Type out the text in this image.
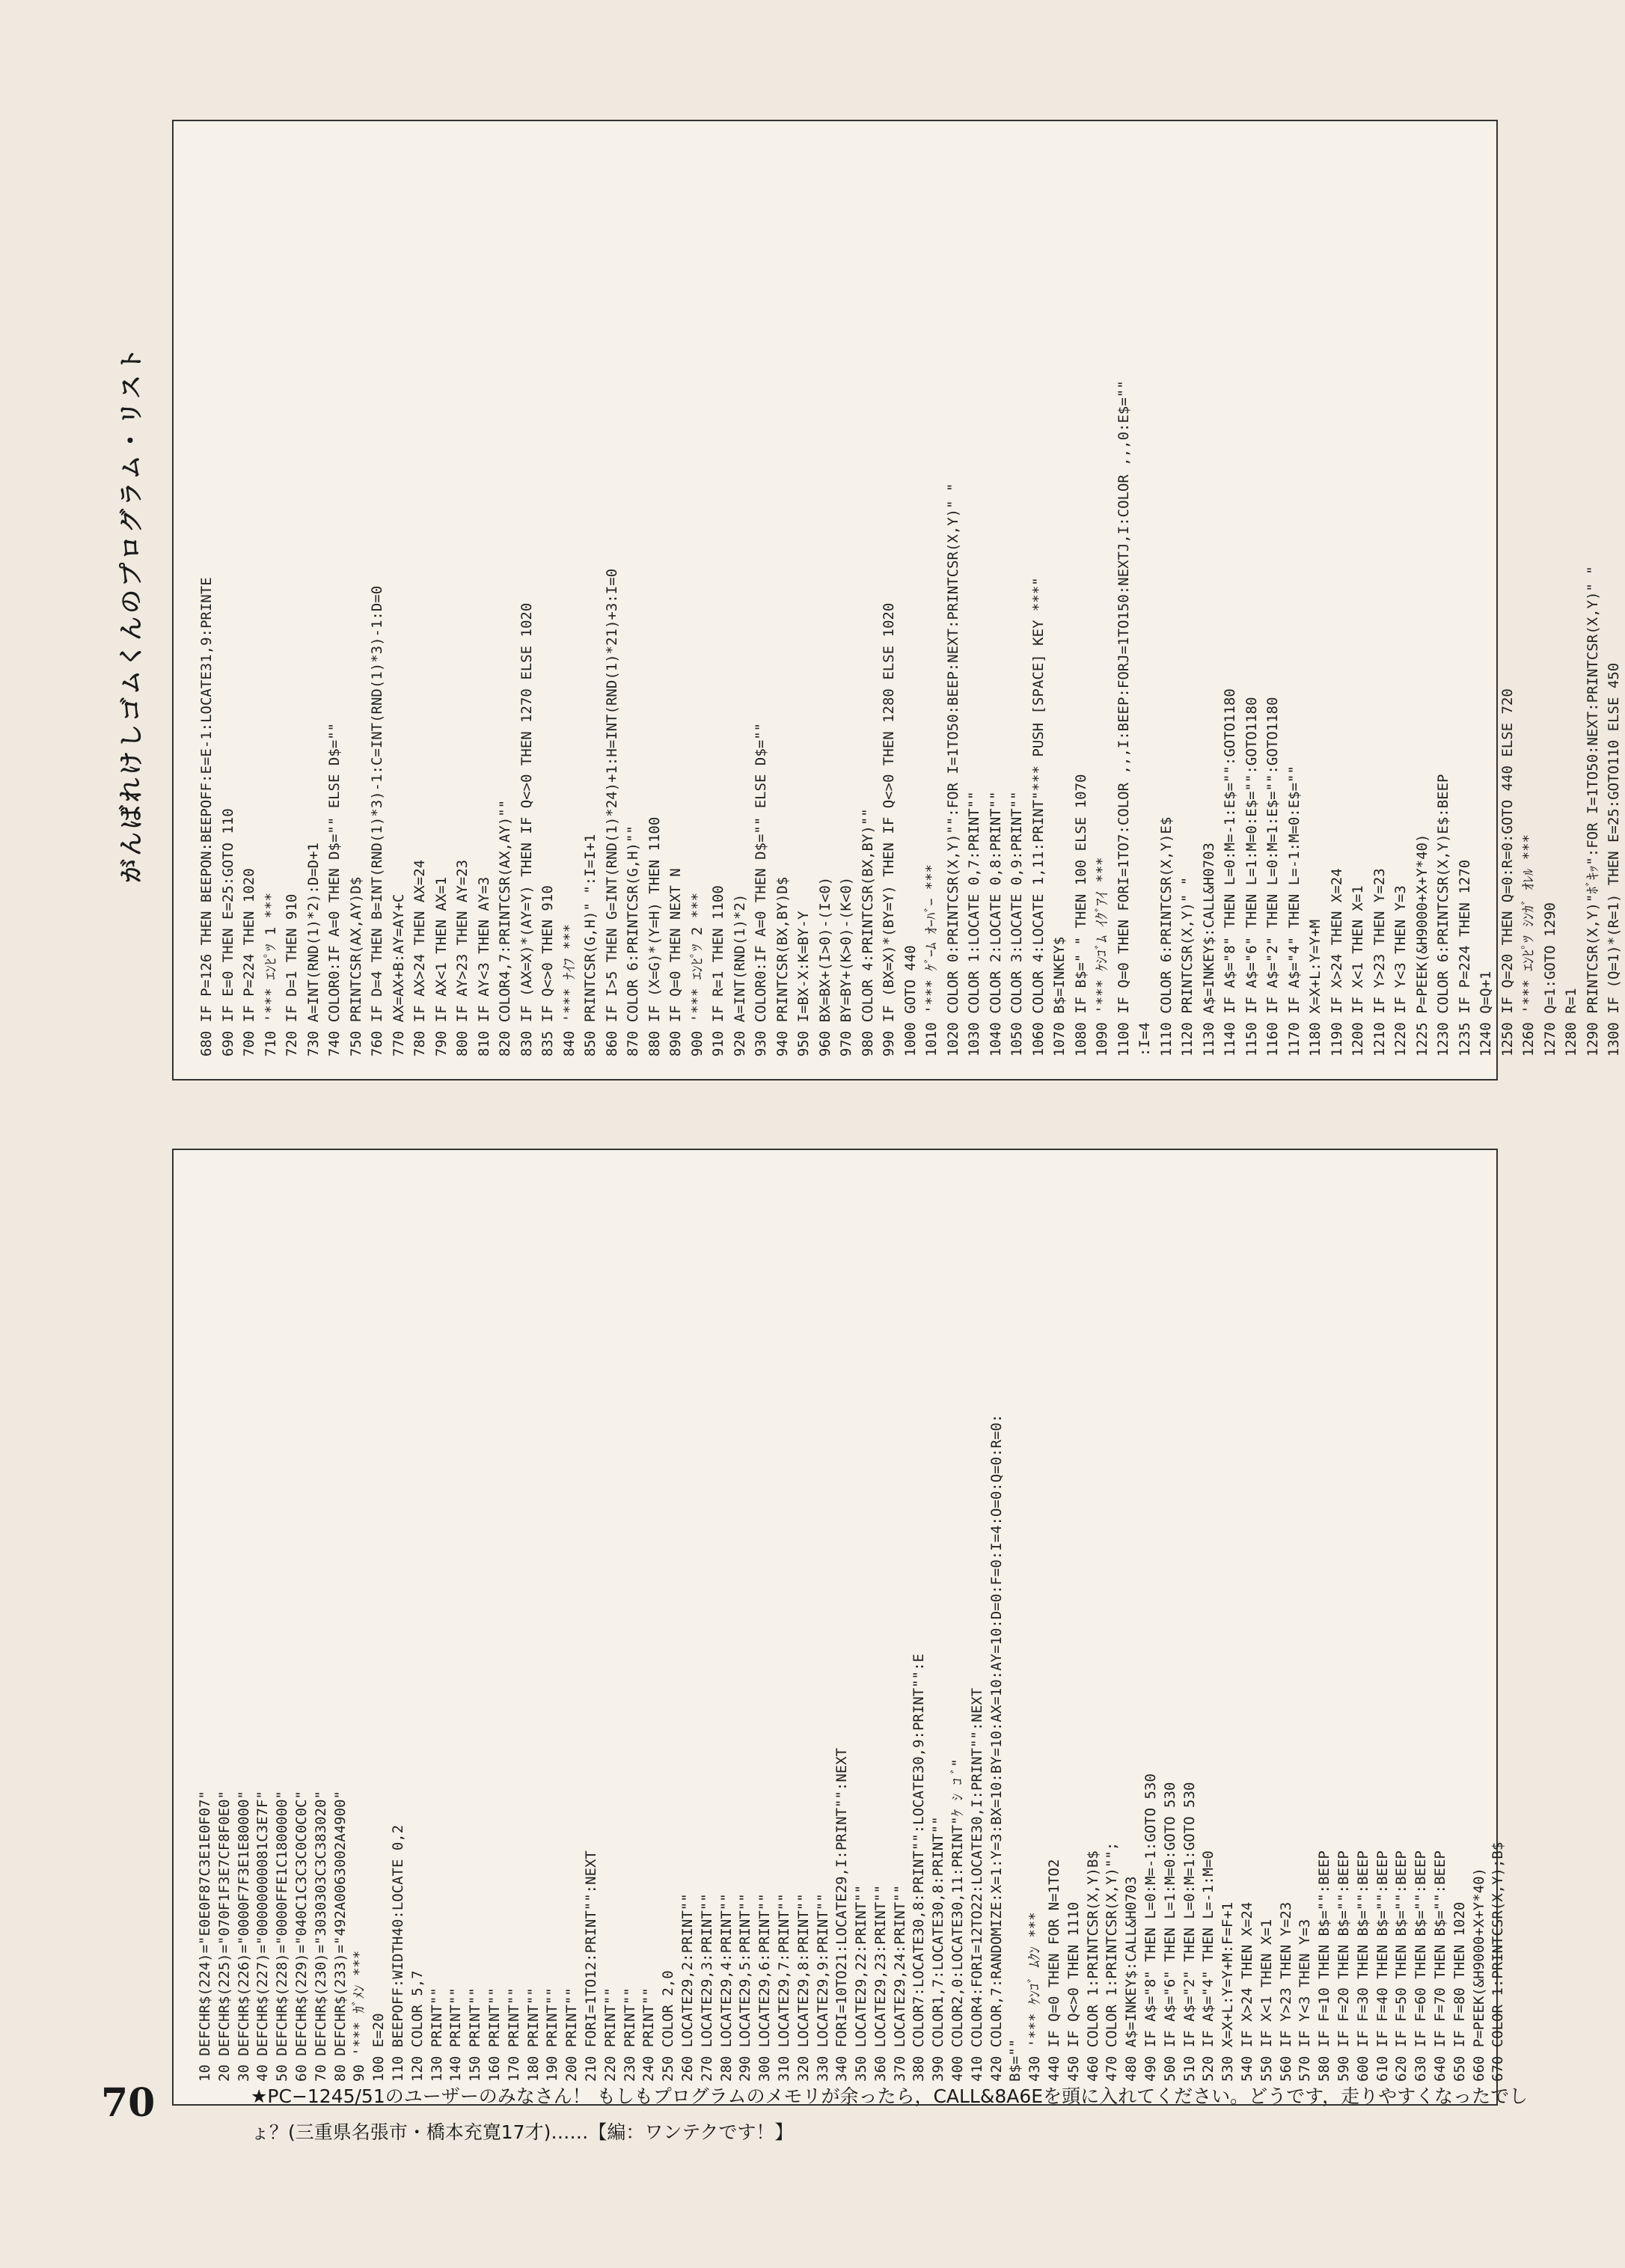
がんばれけしゴムくんのプログラム・リスト	680 IF P=126 THEN BEEPON:BEEPOFF:E=E-1:LOCATE31,9:PRINTE 690 IF E=0 THEN E=25:GOTO 110 700 IF P=224 THEN 1020 710 '*** ｴﾝﾋﾟﾂ 1 *** 720 IF D=1 THEN 910 730 A=INT(RND(1)*2):D=D+1 740 COLOR0:IF A=0 THEN D$="" ELSE D$="" 750 PRINTCSR(AX,AY)D$ 760 IF D=4 THEN B=INT(RND(1)*3)-1:C=INT(RND(1)*3)-1:D=0 770 AX=AX+B:AY=AY+C 780 IF AX>24 THEN AX=24 790 IF AX<1 THEN AX=1 800 IF AY>23 THEN AY=23 810 IF AY<3 THEN AY=3 820 COLOR4,7:PRINTCSR(AX,AY)"" 830 IF (AX=X)*(AY=Y) THEN IF Q<>0 THEN 1270 ELSE 1020 835 IF Q<>0 THEN 910 840 '*** ﾅｲﾌ *** 850 PRINTCSR(G,H)" ":I=I+1 860 IF I>5 THEN G=INT(RND(1)*24)+1:H=INT(RND(1)*21)+3:I=0 870 COLOR 6:PRINTCSR(G,H)"" 880 IF (X=G)*(Y=H) THEN 1100 890 IF Q=0 THEN NEXT N 900 '*** ｴﾝﾋﾟﾂ 2 *** 910 IF R=1 THEN 1100 920 A=INT(RND(1)*2) 930 COLOR0:IF A=0 THEN D$="" ELSE D$="" 940 PRINTCSR(BX,BY)D$ 950 I=BX-X:K=BY-Y 960 BX=BX+(I>0)-(I<0) 970 BY=BY+(K>0)-(K<0) 980 COLOR 4:PRINTCSR(BX,BY)"" 990 IF (BX=X)*(BY=Y) THEN IF Q<>0 THEN 1280 ELSE 1020 1000 GOTO 440 1010 '*** ｹﾞｰﾑ ｵｰﾊﾞｰ *** 1020 COLOR 0:PRINTCSR(X,Y)"":FOR I=1TO50:BEEP:NEXT:PRINTCSR(X,Y)" " 1030 COLOR 1:LOCATE 0,7:PRINT"" 1040 COLOR 2:LOCATE 0,8:PRINT"" 1050 COLOR 3:LOCATE 0,9:PRINT"" 1060 COLOR 4:LOCATE 1,11:PRINT"*** PUSH [SPACE] KEY ***" 1070 B$=INKEY$ 1080 IF B$=" " THEN 100 ELSE 1070 1090 '*** ｹｼｺﾞﾑ ｲｸﾞｱｲ *** 1100 IF Q=0 THEN FORI=1TO7:COLOR ,,,I:BEEP:FORJ=1TO150:NEXTJ,I:COLOR ,,,0:E$="" :I=4 1110 COLOR 6:PRINTCSR(X,Y)E$ 1120 PRINTCSR(X,Y)" " 1130 A$=INKEY$:CALL&H0703 1140 IF A$="8" THEN L=0:M=-1:E$="":GOTO1180 1150 IF A$="6" THEN L=1:M=0:E$="":GOTO1180 1160 IF A$="2" THEN L=0:M=1:E$="":GOTO1180 1170 IF A$="4" THEN L=-1:M=0:E$="" 1180 X=X+L:Y=Y+M 1190 IF X>24 THEN X=24 1200 IF X<1 THEN X=1 1210 IF Y>23 THEN Y=23 1220 IF Y<3 THEN Y=3 1225 P=PEEK(&H9000+X+Y*40) 1230 COLOR 6:PRINTCSR(X,Y)E$:BEEP 1235 IF P=224 THEN 1270 1240 Q=Q+1 1250 IF Q=20 THEN Q=0:R=0:GOTO 440 ELSE 720 1260 '*** ｴﾝﾋﾟﾂ ｼﾝｶﾞ ｵﾚﾙ *** 1270 Q=1:GOTO 1290 1280 R=1 1290 PRINTCSR(X,Y)"ﾎﾞｷｯ":FOR I=1TO50:NEXT:PRINTCSR(X,Y)" " 1300 IF (Q=1)*(R=1) THEN E=25:GOTO110 ELSE 450
10 DEFCHR$(224)="E0E0F87C3E1E0F07" 20 DEFCHR$(225)="070F1F3E7CF8F0E0" 30 DEFCHR$(226)="0000F7F3E1E80000" 40 DEFCHR$(227)="00000000081C3E7F" 50 DEFCHR$(228)="0000FFE1C1800000" 60 DEFCHR$(229)="040C1C3C3C0C0C0C" 70 DEFCHR$(230)="3030303C3C383020" 80 DEFCHR$(233)="492A0063002A4900" 90 '*** ｶﾞﾒﾝ *** 100 E=20 110 BEEPOFF:WIDTH40:LOCATE 0,2 120 COLOR 5,7 130 PRINT"" 140 PRINT"" 150 PRINT"" 160 PRINT"" 170 PRINT"" 180 PRINT"" 190 PRINT"" 200 PRINT"" 210 FORI=1TO12:PRINT"":NEXT 220 PRINT"" 230 PRINT"" 240 PRINT"" 250 COLOR 2,0 260 LOCATE29,2:PRINT"" 270 LOCATE29,3:PRINT"" 280 LOCATE29,4:PRINT"" 290 LOCATE29,5:PRINT"" 300 LOCATE29,6:PRINT"" 310 LOCATE29,7:PRINT"" 320 LOCATE29,8:PRINT"" 330 LOCATE29,9:PRINT"" 340 FORI=10TO21:LOCATE29,I:PRINT"":NEXT 350 LOCATE29,22:PRINT"" 360 LOCATE29,23:PRINT"" 370 LOCATE29,24:PRINT"" 380 COLOR7:LOCATE30,8:PRINT"":LOCATE30,9:PRINT"":E 390 COLOR1,7:LOCATE30,8:PRINT"" 400 COLOR2,0:LOCATE30,11:PRINT"ｹ ｼ ｺ ﾞ" 410 COLOR4:FORI=12TO22:LOCATE30,I:PRINT"":NEXT 420 COLOR,7:RANDOMIZE:X=1:Y=3:BX=10:BY=10:AX=10:AY=10:D=0:F=0:I=4:O=0:Q=0:R=0: B$="" 430 '*** ｹﾝｺﾞ ﾑｸﾝ *** 440 IF Q=0 THEN FOR N=1TO2 450 IF Q<>0 THEN 1110 460 COLOR 1:PRINTCSR(X,Y)B$ 470 COLOR 1:PRINTCSR(X,Y)""; 480 A$=INKEY$:CALL&H0703 490 IF A$="8" THEN L=0:M=-1:GOTO 530 500 IF A$="6" THEN L=1:M=0:GOTO 530 510 IF A$="2" THEN L=0:M=1:GOTO 530 520 IF A$="4" THEN L=-1:M=0 530 X=X+L:Y=Y+M:F=F+1 540 IF X>24 THEN X=24 550 IF X<1 THEN X=1 560 IF Y>23 THEN Y=23 570 IF Y<3 THEN Y=3 580 IF F=10 THEN B$="":BEEP 590 IF F=20 THEN B$="":BEEP 600 IF F=30 THEN B$="":BEEP 610 IF F=40 THEN B$="":BEEP 620 IF F=50 THEN B$="":BEEP 630 IF F=60 THEN B$="":BEEP 640 IF F=70 THEN B$="":BEEP 650 IF F=80 THEN 1020 660 P=PEEK(&H9000+X+Y*40) 670 COLOR 1:PRINTCSR(X,Y);B$
70	★PC−1245/51のユーザーのみなさん！ もしもプログラムのメモリが余ったら，CALL&8A6Eを頭に入れてください。どうです，走りやすくなったでしょ？(三重県名張市・橋本充寛17才)……【編：ワンテクです！】
